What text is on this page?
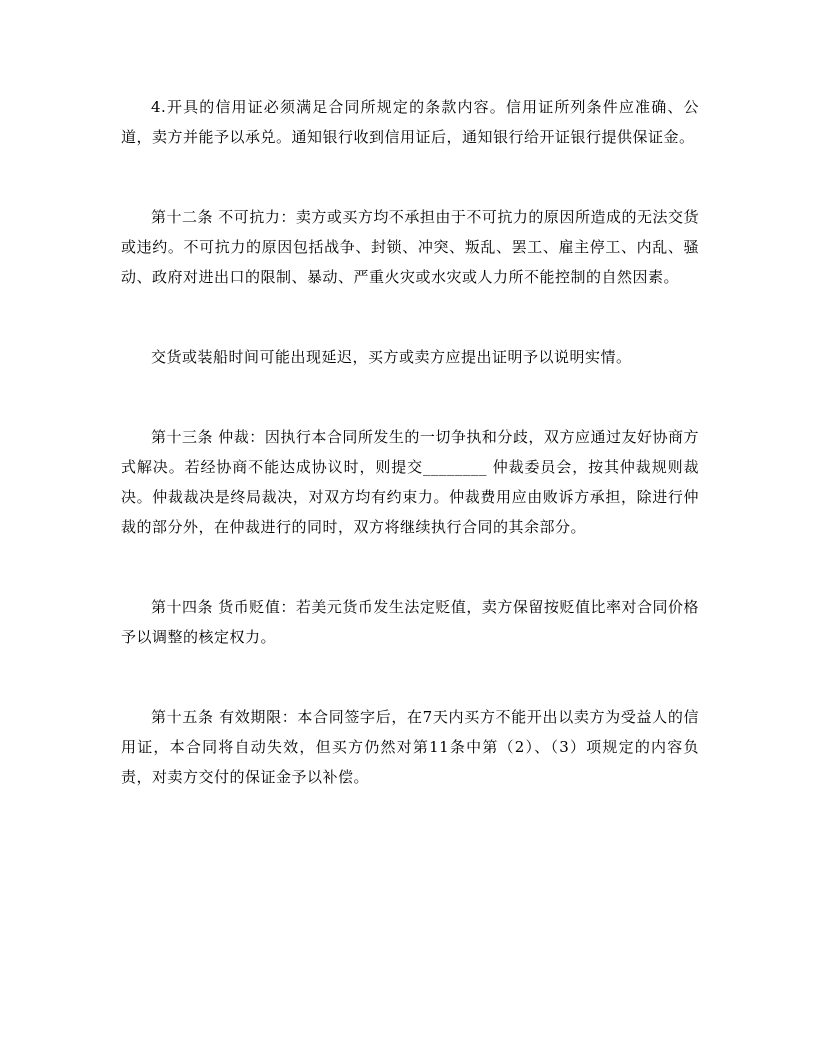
4.开具的信用证必须满足合同所规定的条款内容。信用证所列条件应准确、公道，卖方并能予以承兑。通知银行收到信用证后，通知银行给开证银行提供保证金。

第十二条 不可抗力：卖方或买方均不承担由于不可抗力的原因所造成的无法交货或违约。不可抗力的原因包括战争、封锁、冲突、叛乱、罢工、雇主停工、内乱、骚动、政府对进出口的限制、暴动、严重火灾或水灾或人力所不能控制的自然因素。

交货或装船时间可能出现延迟，买方或卖方应提出证明予以说明实情。

第十三条 仲裁：因执行本合同所发生的一切争执和分歧，双方应通过友好协商方式解决。若经协商不能达成协议时，则提交________ 仲裁委员会，按其仲裁规则裁决。仲裁裁决是终局裁决，对双方均有约束力。仲裁费用应由败诉方承担，除进行仲裁的部分外，在仲裁进行的同时，双方将继续执行合同的其余部分。

第十四条 货币贬值：若美元货币发生法定贬值，卖方保留按贬值比率对合同价格予以调整的核定权力。

第十五条 有效期限：本合同签字后，在7天内买方不能开出以卖方为受益人的信用证，本合同将自动失效，但买方仍然对第11条中第（2）、（3）项规定的内容负责，对卖方交付的保证金予以补偿。
